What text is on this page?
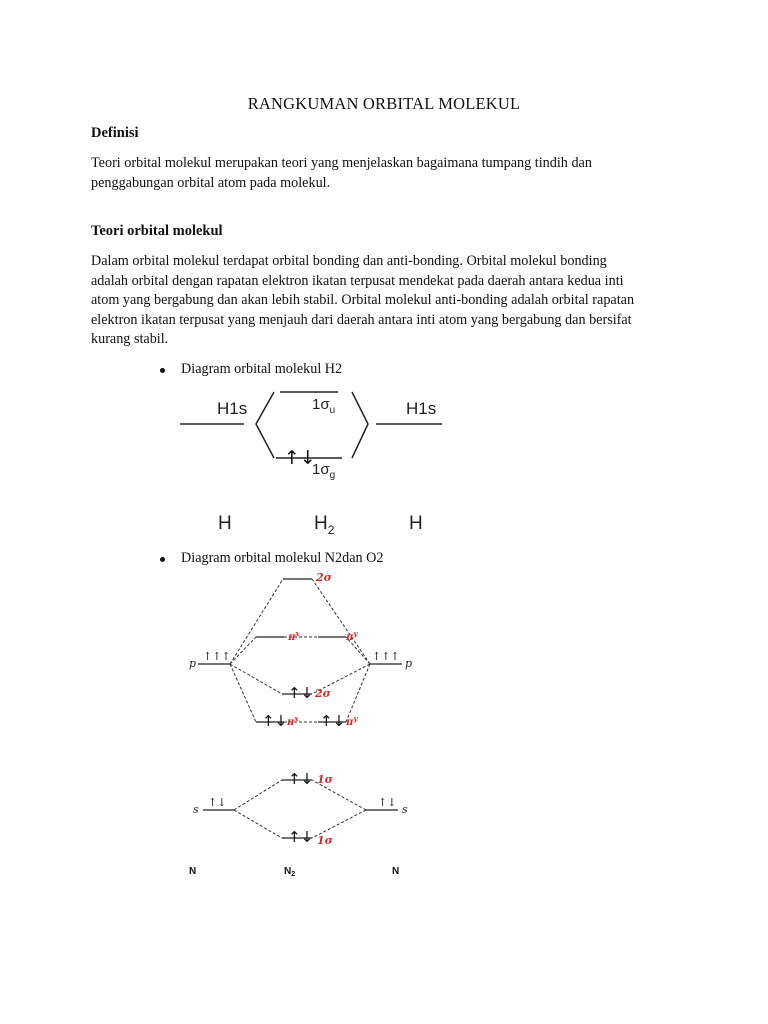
RANGKUMAN ORBITAL MOLEKUL
Definisi
Teori orbital molekul merupakan teori yang menjelaskan bagaimana tumpang tindih dan
penggabungan orbital atom pada molekul.
Teori orbital molekul
Dalam orbital molekul terdapat orbital bonding dan anti-bonding. Orbital molekul bonding
adalah orbital dengan rapatan elektron ikatan terpusat mendekat pada daerah antara kedua inti
atom yang bergabung dan akan lebih stabil. Orbital molekul anti-bonding adalah orbital rapatan
elektron ikatan terpusat yang menjauh dari daerah antara inti atom yang bergabung dan bersifat
kurang stabil.
Diagram orbital molekul H2
H1s	H1s
$1\sigma_u$
$1\sigma_g$
H	$H_2$	H
↑↓
Diagram orbital molekul N2dan O2
p	p
↑↑↑	↑↑↑
s	s
↑↓	↑↓
↑↓
↑↓ ↑↓
↑↓
↑↓
2σ
$\pi^x$	$\pi^y$
2σ
$\pi^x$	$\pi^y$
1σ
1σ
N	$N_2$	N
